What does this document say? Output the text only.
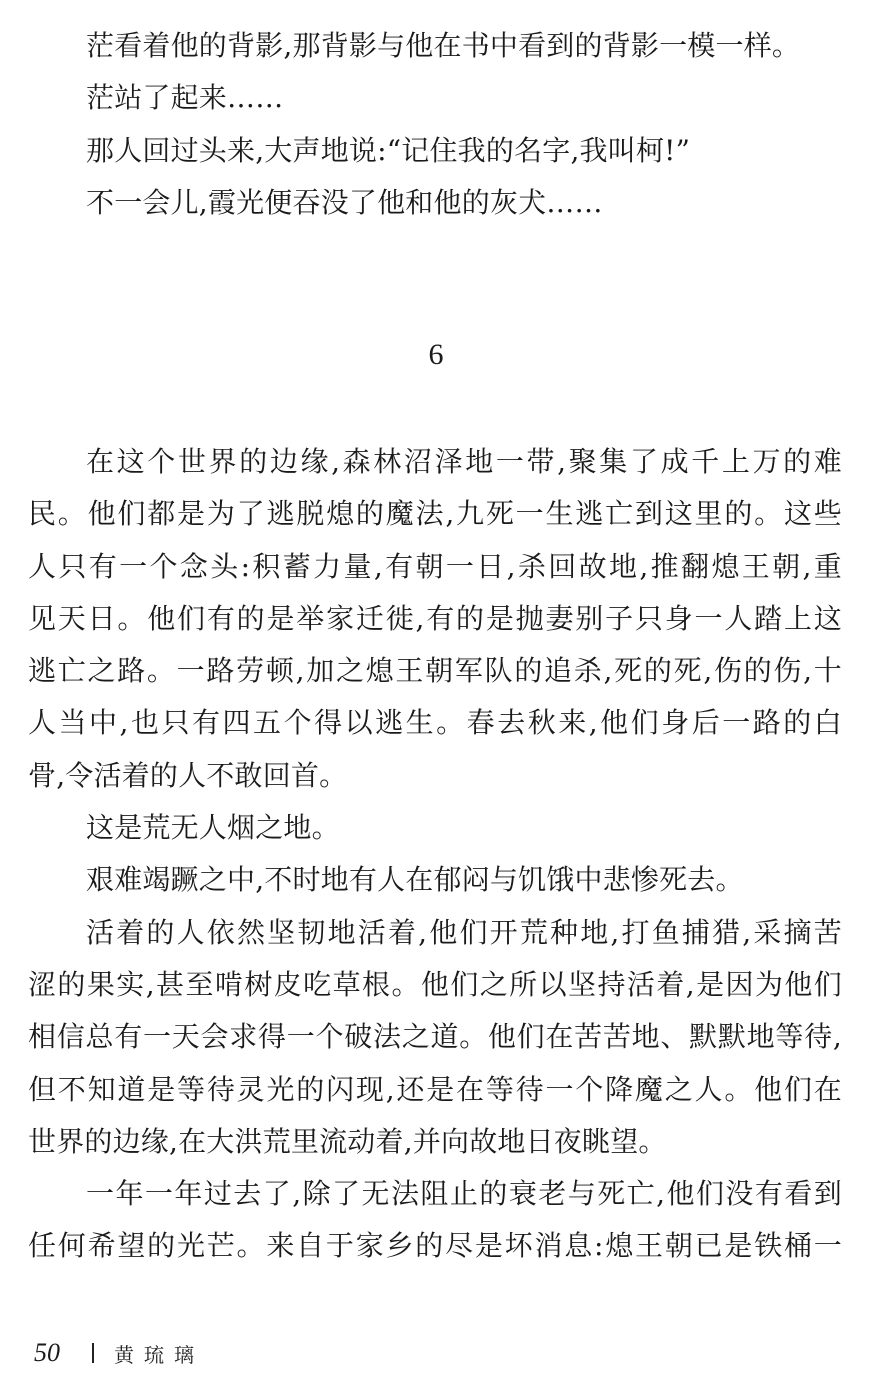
茫看着他的背影,那背影与他在书中看到的背影一模一样。
茫站了起来……
那人回过头来,大声地说:“记住我的名字,我叫柯!”
不一会儿,霞光便吞没了他和他的灰犬……
6
在这个世界的边缘,森林沼泽地一带,聚集了成千上万的难
民。他们都是为了逃脱熄的魔法,九死一生逃亡到这里的。这些
人只有一个念头:积蓄力量,有朝一日,杀回故地,推翻熄王朝,重
见天日。他们有的是举家迁徙,有的是抛妻别子只身一人踏上这
逃亡之路。一路劳顿,加之熄王朝军队的追杀,死的死,伤的伤,十
人当中,也只有四五个得以逃生。春去秋来,他们身后一路的白
骨,令活着的人不敢回首。
这是荒无人烟之地。
艰难竭蹶之中,不时地有人在郁闷与饥饿中悲惨死去。
活着的人依然坚韧地活着,他们开荒种地,打鱼捕猎,采摘苦
涩的果实,甚至啃树皮吃草根。他们之所以坚持活着,是因为他们
相信总有一天会求得一个破法之道。他们在苦苦地、默默地等待,
但不知道是等待灵光的闪现,还是在等待一个降魔之人。他们在
世界的边缘,在大洪荒里流动着,并向故地日夜眺望。
一年一年过去了,除了无法阻止的衰老与死亡,他们没有看到
任何希望的光芒。来自于家乡的尽是坏消息:熄王朝已是铁桶一
50	黄琉璃
